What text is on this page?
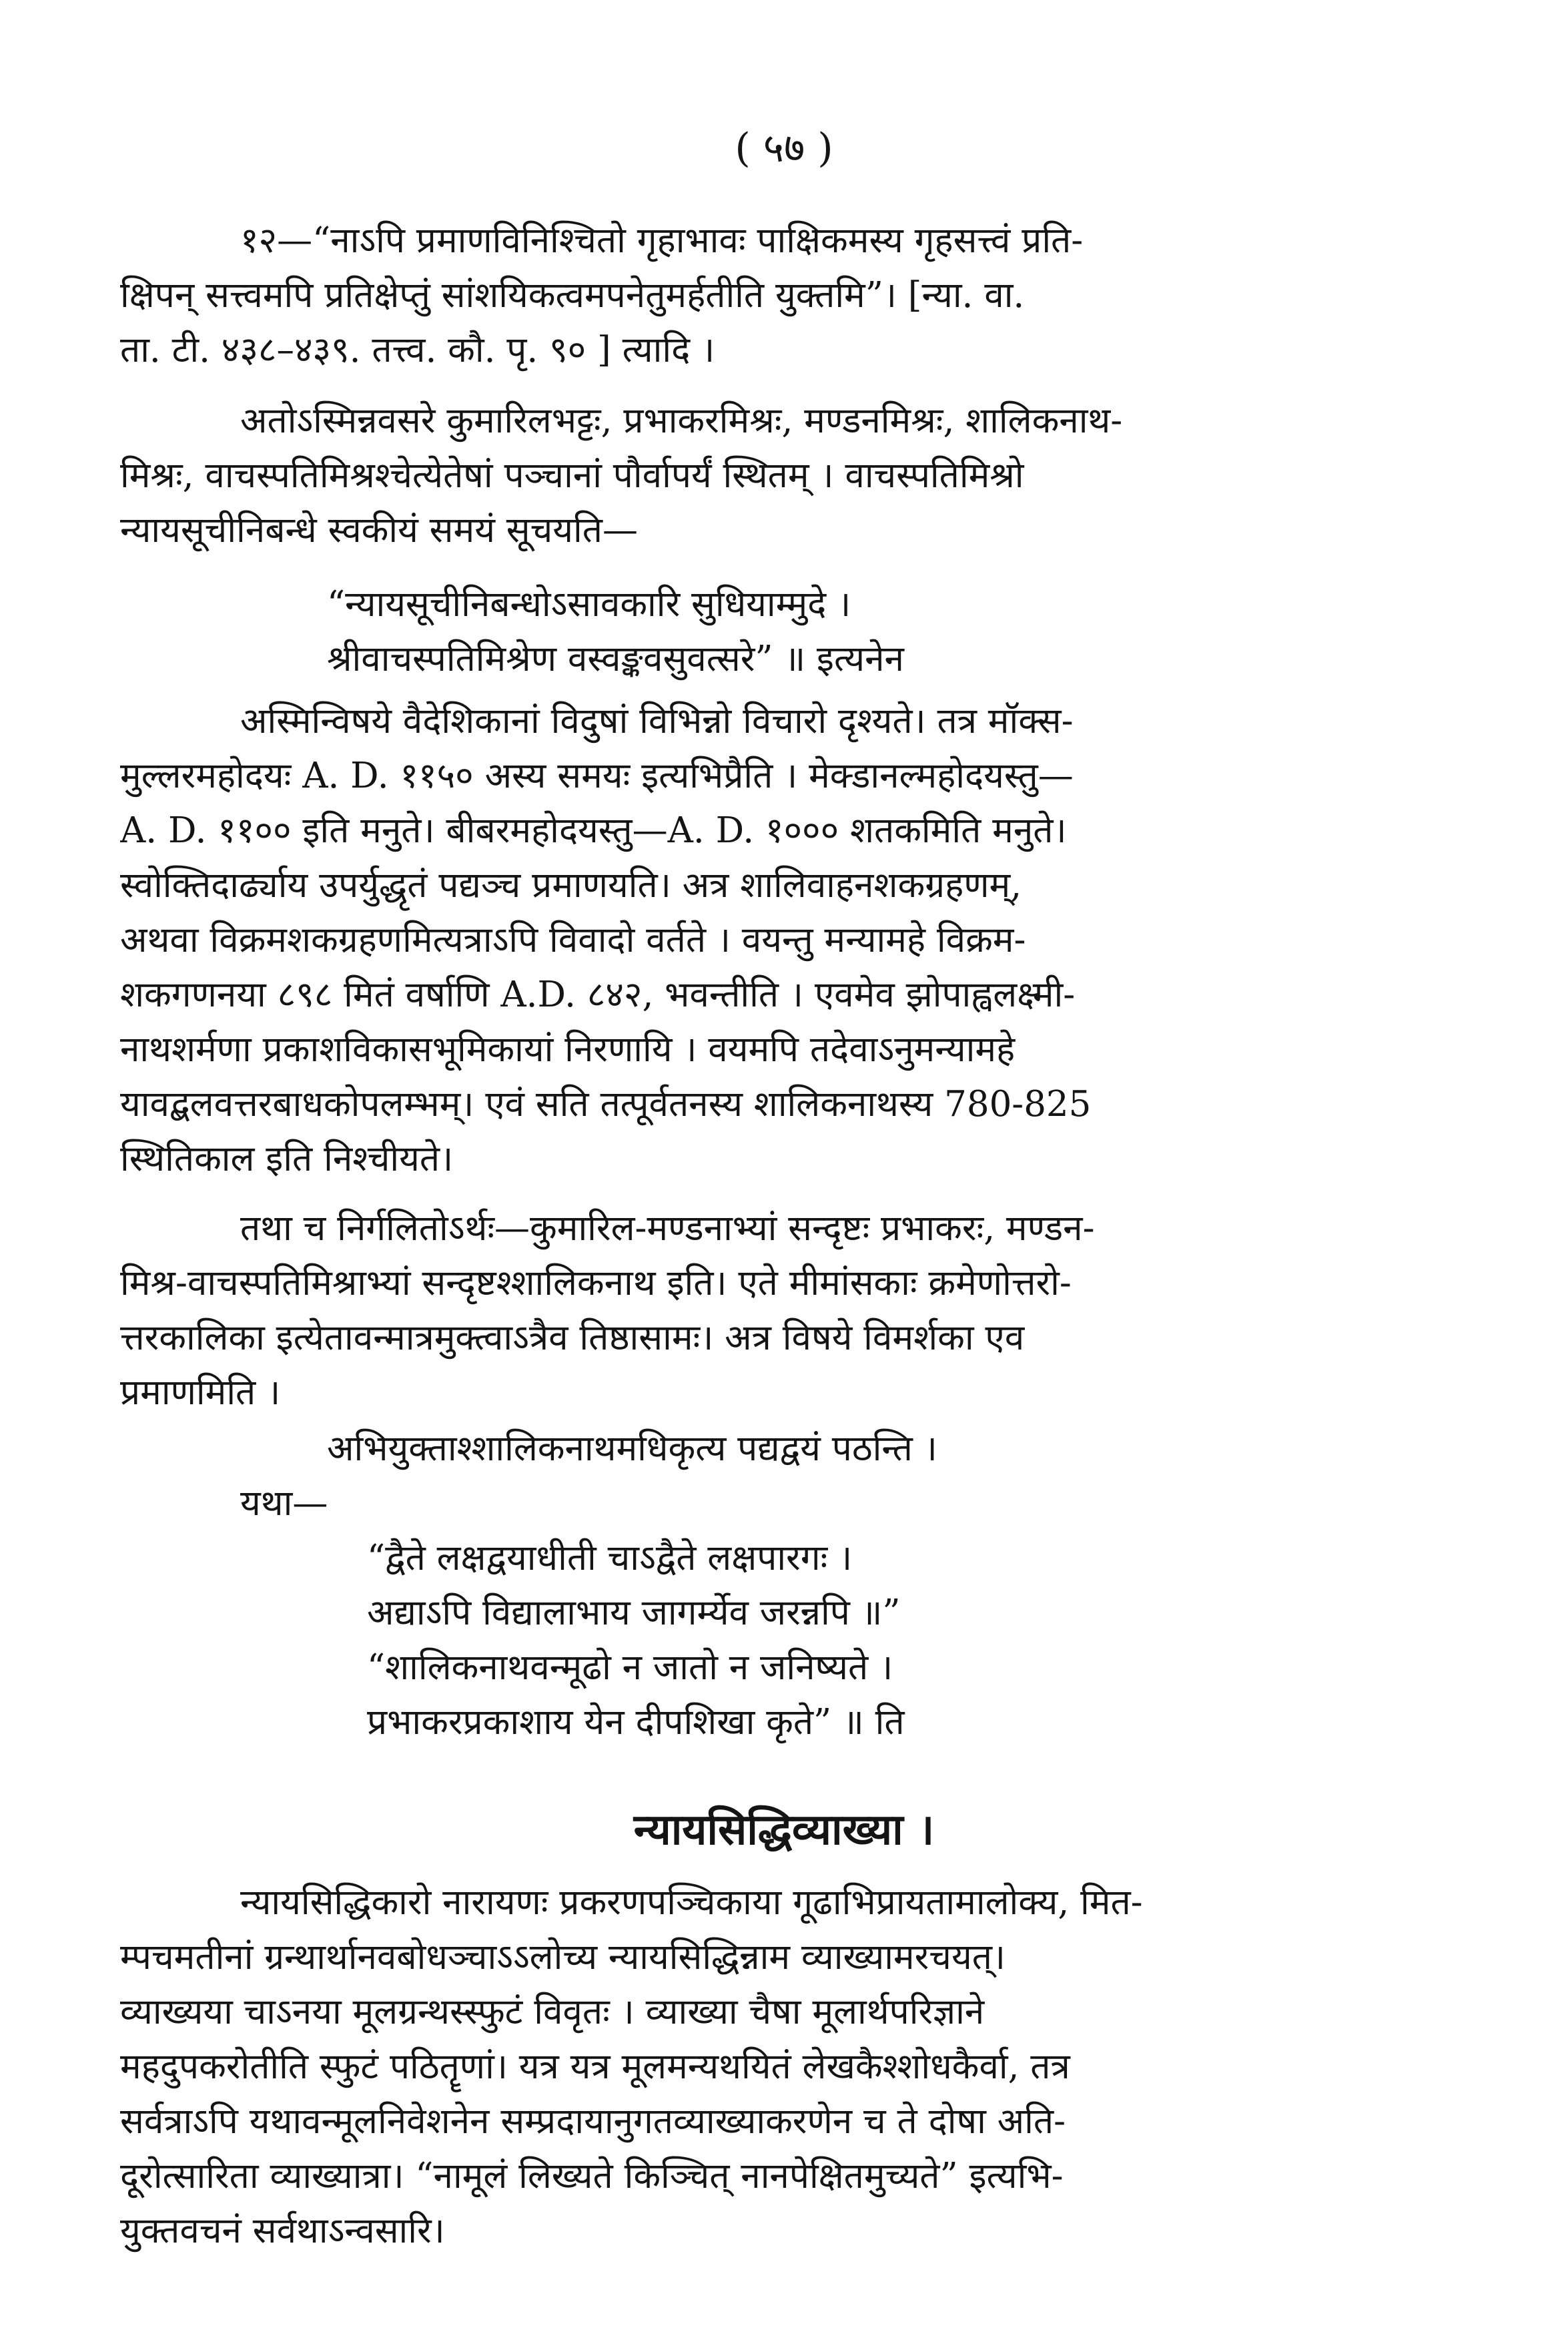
( ५७ )
१२—“नाऽपि प्रमाणविनिश्चितो गृहाभावः पाक्षिकमस्य गृहसत्त्वं प्रति-
क्षिपन् सत्त्वमपि प्रतिक्षेप्तुं सांशयिकत्वमपनेतुमर्हतीति युक्तमि”। [न्या. वा.
ता. टी. ४३८–४३९. तत्त्व. कौ. पृ. ९० ] त्यादि ।
अतोऽस्मिन्नवसरे कुमारिलभट्टः, प्रभाकरमिश्रः, मण्डनमिश्रः, शालिकनाथ-
मिश्रः, वाचस्पतिमिश्रश्चेत्येतेषां पञ्चानां पौर्वापर्यं स्थितम् । वाचस्पतिमिश्रो
न्यायसूचीनिबन्धे स्वकीयं समयं सूचयति—
“न्यायसूचीनिबन्धोऽसावकारि सुधियाम्मुदे ।
श्रीवाचस्पतिमिश्रेण वस्वङ्कवसुवत्सरे” ॥ इत्यनेन
अस्मिन्विषये वैदेशिकानां विदुषां विभिन्नो विचारो दृश्यते। तत्र मॉक्स-
मुल्लरमहोदयः A. D. ११५० अस्य समयः इत्यभिप्रैति । मेक्डानल्महोदयस्तु—
A. D. ११०० इति मनुते। बीबरमहोदयस्तु—A. D. १००० शतकमिति मनुते।
स्वोक्तिदार्ढ्याय उपर्युद्धृतं पद्यञ्च प्रमाणयति। अत्र शालिवाहनशकग्रहणम्,
अथवा विक्रमशकग्रहणमित्यत्राऽपि विवादो वर्तते । वयन्तु मन्यामहे विक्रम-
शकगणनया ८९८ मितं वर्षाणि A.D. ८४२, भवन्तीति । एवमेव झोपाह्वलक्ष्मी-
नाथशर्मणा प्रकाशविकासभूमिकायां निरणायि । वयमपि तदेवाऽनुमन्यामहे
यावद्बलवत्तरबाधकोपलम्भम्। एवं सति तत्पूर्वतनस्य शालिकनाथस्य 780-825
स्थितिकाल इति निश्चीयते।
तथा च निर्गलितोऽर्थः—कुमारिल-मण्डनाभ्यां सन्दृष्टः प्रभाकरः, मण्डन-
मिश्र-वाचस्पतिमिश्राभ्यां सन्दृष्टश्शालिकनाथ इति। एते मीमांसकाः क्रमेणोत्तरो-
त्तरकालिका इत्येतावन्मात्रमुक्त्वाऽत्रैव तिष्ठासामः। अत्र विषये विमर्शका एव
प्रमाणमिति ।
अभियुक्ताश्शालिकनाथमधिकृत्य पद्यद्वयं पठन्ति ।
यथा—
“द्वैते लक्षद्वयाधीती चाऽद्वैते लक्षपारगः ।
अद्याऽपि विद्यालाभाय जागर्म्येव जरन्नपि ॥”
“शालिकनाथवन्मूढो न जातो न जनिष्यते ।
प्रभाकरप्रकाशाय येन दीपशिखा कृते” ॥ ति
न्यायसिद्धिव्याख्या ।
न्यायसिद्धिकारो नारायणः प्रकरणपञ्चिकाया गूढाभिप्रायतामालोक्य, मित-
म्पचमतीनां ग्रन्थार्थानवबोधञ्चाऽऽलोच्य न्यायसिद्धिन्नाम व्याख्यामरचयत्।
व्याख्यया चाऽनया मूलग्रन्थस्स्फुटं विवृतः । व्याख्या चैषा मूलार्थपरिज्ञाने
महदुपकरोतीति स्फुटं पठितॄणां। यत्र यत्र मूलमन्यथयितं लेखकैश्शोधकैर्वा, तत्र
सर्वत्राऽपि यथावन्मूलनिवेशनेन सम्प्रदायानुगतव्याख्याकरणेन च ते दोषा अति-
दूरोत्सारिता व्याख्यात्रा। “नामूलं लिख्यते किञ्चित् नानपेक्षितमुच्यते” इत्यभि-
युक्तवचनं सर्वथाऽन्वसारि।
